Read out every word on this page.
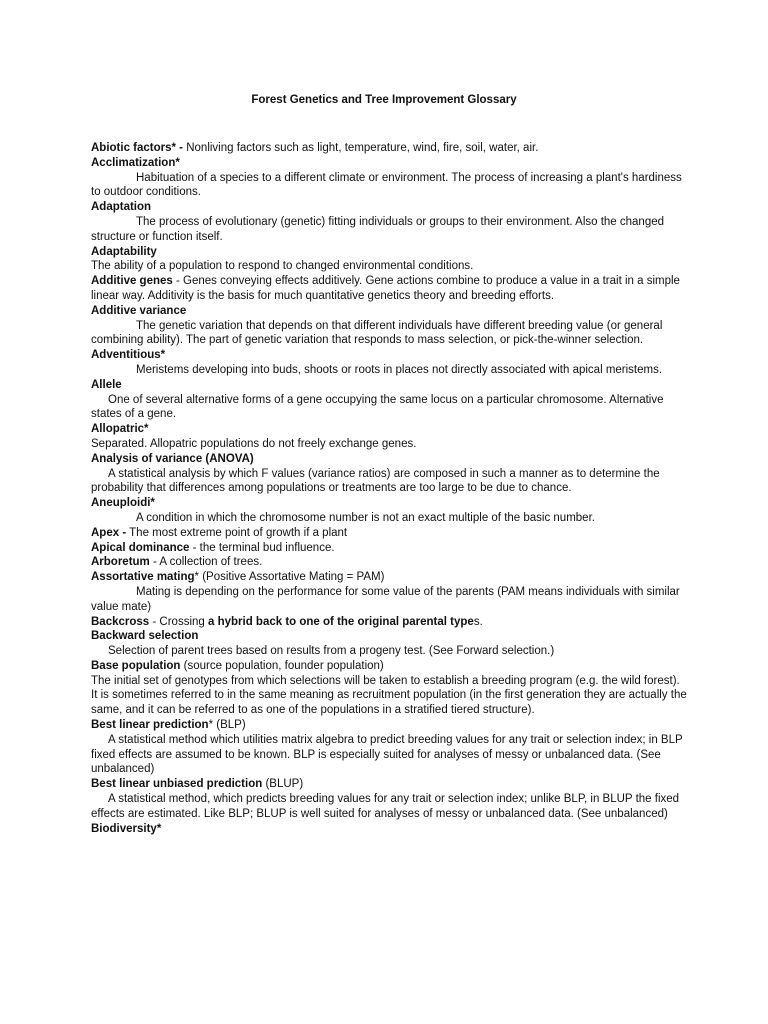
Forest Genetics and Tree Improvement Glossary

Abiotic factors* - Nonliving factors such as light, temperature, wind, fire, soil, water, air.

Acclimatization*

Habituation of a species to a different climate or environment. The process of increasing a plant's hardiness to outdoor conditions.

Adaptation

The process of evolutionary (genetic) fitting individuals or groups to their environment. Also the changed structure or function itself.

Adaptability

The ability of a population to respond to changed environmental conditions.

Additive genes - Genes conveying effects additively. Gene actions combine to produce a value in a trait in a simple linear way. Additivity is the basis for much quantitative genetics theory and breeding efforts.

Additive variance

The genetic variation that depends on that different individuals have different breeding value (or general combining ability). The part of genetic variation that responds to mass selection, or pick-the-winner selection.

Adventitious*

Meristems developing into buds, shoots or roots in places not directly associated with apical meristems.

Allele

One of several alternative forms of a gene occupying the same locus on a particular chromosome. Alternative states of a gene.

Allopatric*

Separated. Allopatric populations do not freely exchange genes.

Analysis of variance (ANOVA)

A statistical analysis by which F values (variance ratios) are composed in such a manner as to determine the probability that differences among populations or treatments are too large to be due to chance.

Aneuploidi*

A condition in which the chromosome number is not an exact multiple of the basic number.

Apex - The most extreme point of growth if a plant

Apical dominance - the terminal bud influence.

Arboretum - A collection of trees.

Assortative mating* (Positive Assortative Mating = PAM)

Mating is depending on the performance for some value of the parents (PAM means individuals with similar value mate)

Backcross - Crossing a hybrid back to one of the original parental types.

Backward selection

Selection of parent trees based on results from a progeny test. (See Forward selection.)

Base population (source population, founder population)

The initial set of genotypes from which selections will be taken to establish a breeding program (e.g. the wild forest). It is sometimes referred to in the same meaning as recruitment population (in the first generation they are actually the same, and it can be referred to as one of the populations in a stratified tiered structure).

Best linear prediction* (BLP)

A statistical method which utilities matrix algebra to predict breeding values for any trait or selection index; in BLP fixed effects are assumed to be known. BLP is especially suited for analyses of messy or unbalanced data. (See unbalanced)

Best linear unbiased prediction (BLUP)

A statistical method, which predicts breeding values for any trait or selection index; unlike BLP, in BLUP the fixed effects are estimated. Like BLP; BLUP is well suited for analyses of messy or unbalanced data. (See unbalanced)

Biodiversity*
